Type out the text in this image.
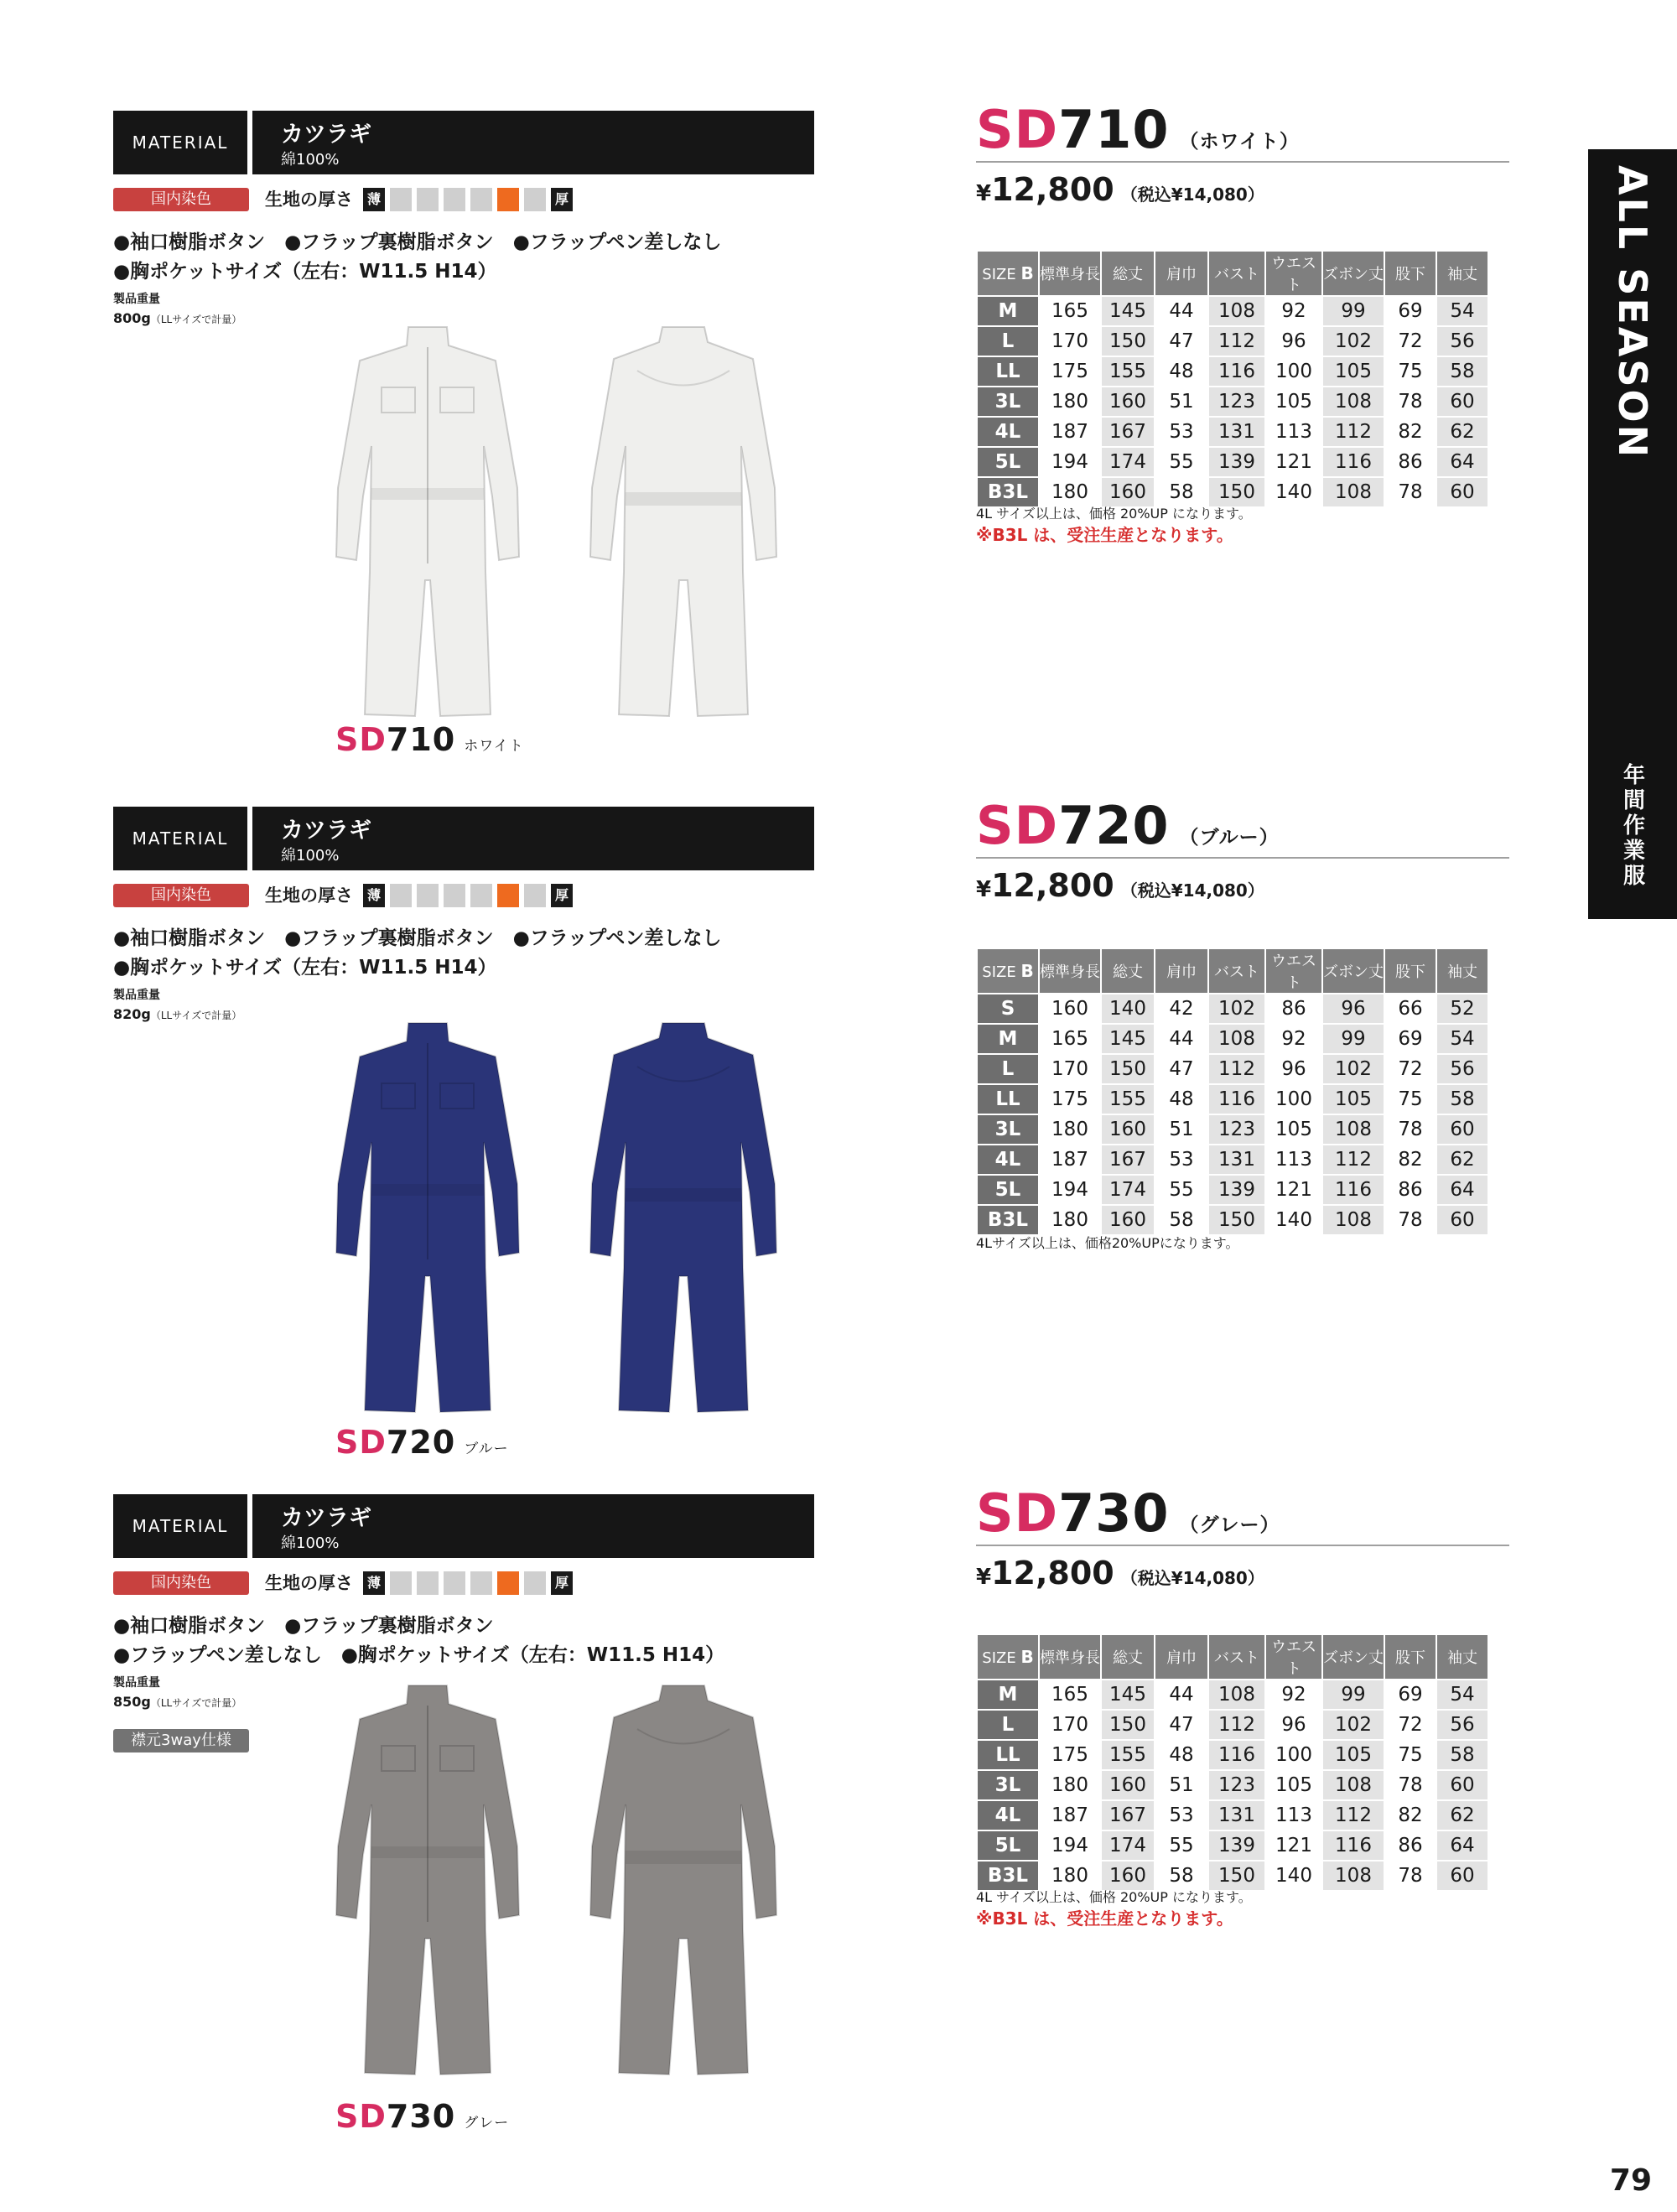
MATERIAL	カツラギ
綿100%
国内染色	生地の厚さ	薄	厚
●袖口樹脂ボタン　●フラップ裏樹脂ボタン　●フラップペン差しなし
●胸ポケットサイズ（左右：W11.5 H14）
製品重量
800g（LLサイズで計量）
SD710 ホワイト
SD710 （ホワイト）
¥12,800 （税込¥14,080）
SIZE B	標準身長	総丈	肩巾	バスト	ウエスト	ズボン丈	股下	袖丈
M	165	145	44	108	92	99	69	54
L	170	150	47	112	96	102	72	56
LL	175	155	48	116	100	105	75	58
3L	180	160	51	123	105	108	78	60
4L	187	167	53	131	113	112	82	62
5L	194	174	55	139	121	116	86	64
B3L	180	160	58	150	140	108	78	60
4L サイズ以上は、価格 20%UP になります。
※B3L は、受注生産となります。
MATERIAL	カツラギ
綿100%
国内染色	生地の厚さ	薄	厚
●袖口樹脂ボタン　●フラップ裏樹脂ボタン　●フラップペン差しなし
●胸ポケットサイズ（左右：W11.5 H14）
製品重量
820g（LLサイズで計量）
SD720 ブルー
SD720 （ブルー）
¥12,800 （税込¥14,080）
SIZE B	標準身長	総丈	肩巾	バスト	ウエスト	ズボン丈	股下	袖丈
S	160	140	42	102	86	96	66	52
M	165	145	44	108	92	99	69	54
L	170	150	47	112	96	102	72	56
LL	175	155	48	116	100	105	75	58
3L	180	160	51	123	105	108	78	60
4L	187	167	53	131	113	112	82	62
5L	194	174	55	139	121	116	86	64
B3L	180	160	58	150	140	108	78	60
4Lサイズ以上は、価格20%UPになります。
MATERIAL	カツラギ
綿100%
国内染色	生地の厚さ	薄	厚
●袖口樹脂ボタン　●フラップ裏樹脂ボタン
●フラップペン差しなし　●胸ポケットサイズ（左右：W11.5 H14）
製品重量
850g（LLサイズで計量）
襟元3way仕様
SD730 グレー
SD730 （グレー）
¥12,800 （税込¥14,080）
SIZE B	標準身長	総丈	肩巾	バスト	ウエスト	ズボン丈	股下	袖丈
M	165	145	44	108	92	99	69	54
L	170	150	47	112	96	102	72	56
LL	175	155	48	116	100	105	75	58
3L	180	160	51	123	105	108	78	60
4L	187	167	53	131	113	112	82	62
5L	194	174	55	139	121	116	86	64
B3L	180	160	58	150	140	108	78	60
4L サイズ以上は、価格 20%UP になります。
※B3L は、受注生産となります。
ALL SEASON
年間作業服
79
